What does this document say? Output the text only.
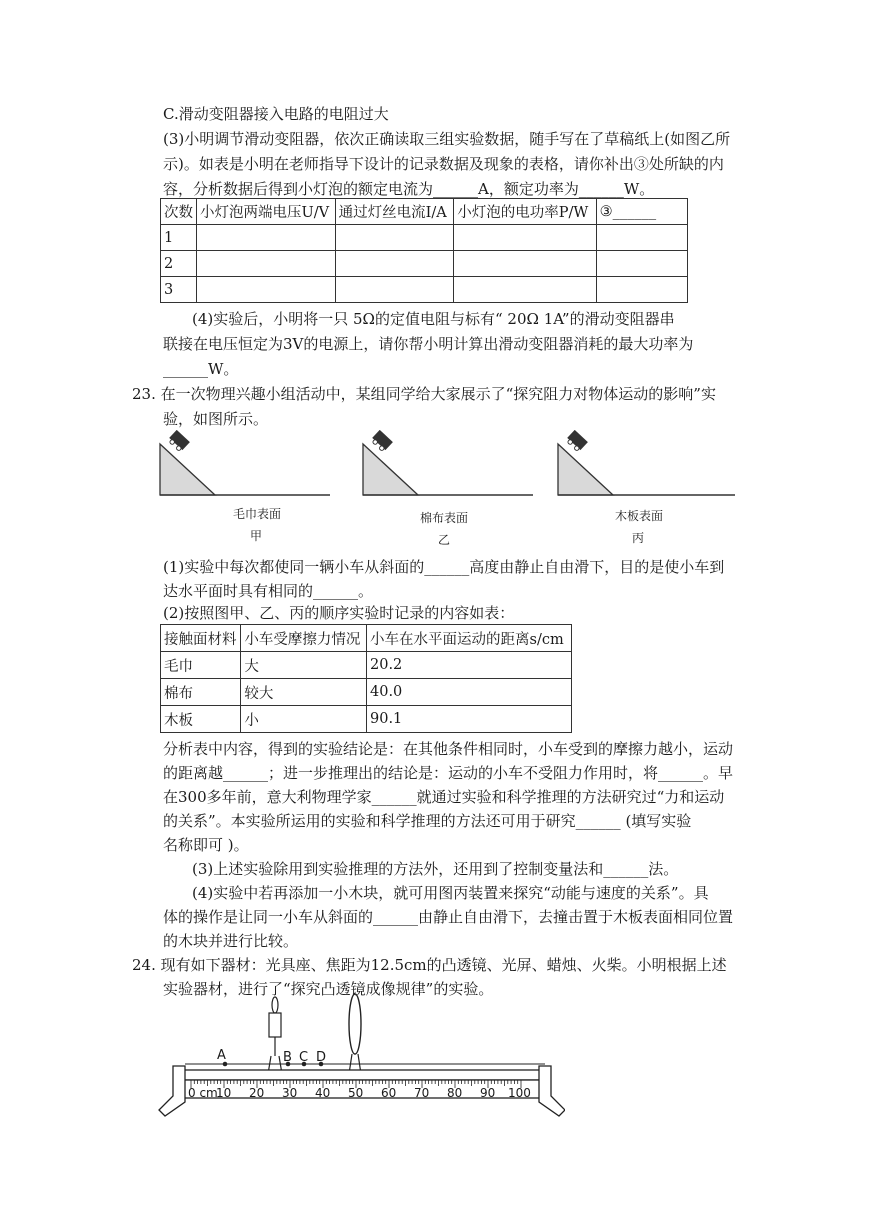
C.滑动变阻器接入电路的电阻过大
(3)小明调节滑动变阻器，依次正确读取三组实验数据，随手写在了草稿纸上(如图乙所
示)。如表是小明在老师指导下设计的记录数据及现象的表格，请你补出③处所缺的内
容，分析数据后得到小灯泡的额定电流为______A，额定功率为______W。
次数	小灯泡两端电压U/V	通过灯丝电流I/A	小灯泡的电功率P/W	③______
1				
2				
3				
(4)实验后，小明将一只 5Ω的定值电阻与标有“ 20Ω 1A”的滑动变阻器串
联接在电压恒定为3V的电源上，请你帮小明计算出滑动变阻器消耗的最大功率为
______W。
23. 在一次物理兴趣小组活动中，某组同学给大家展示了“探究阻力对物体运动的影响”实
验，如图所示。
毛巾表面	棉布表面	木板表面
甲	乙	丙
(1)实验中每次都使同一辆小车从斜面的______高度由静止自由滑下，目的是使小车到
达水平面时具有相同的______。
(2)按照图甲、乙、丙的顺序实验时记录的内容如表：
接触面材料	小车受摩擦力情况	小车在水平面运动的距离s/cm
毛巾	大	20.2
棉布	较大	40.0
木板	小	90.1
分析表中内容，得到的实验结论是：在其他条件相同时，小车受到的摩擦力越小，运动
的距离越______；进一步推理出的结论是：运动的小车不受阻力作用时，将______。早
在300多年前，意大利物理学家______就通过实验和科学推理的方法研究过“力和运动
的关系”。本实验所运用的实验和科学推理的方法还可用于研究______ (填写实验
名称即可 )。
(3)上述实验除用到实验推理的方法外，还用到了控制变量法和______法。
(4)实验中若再添加一小木块，就可用图丙装置来探究“动能与速度的关系”。具
体的操作是让同一小车从斜面的______由静止自由滑下，去撞击置于木板表面相同位置
的木块并进行比较。
24. 现有如下器材：光具座、焦距为12.5cm的凸透镜、光屏、蜡烛、火柴。小明根据上述
实验器材，进行了“探究凸透镜成像规律”的实验。
A	B C D
0 cm
10 20 30 40 50 60 70 80 90 100
